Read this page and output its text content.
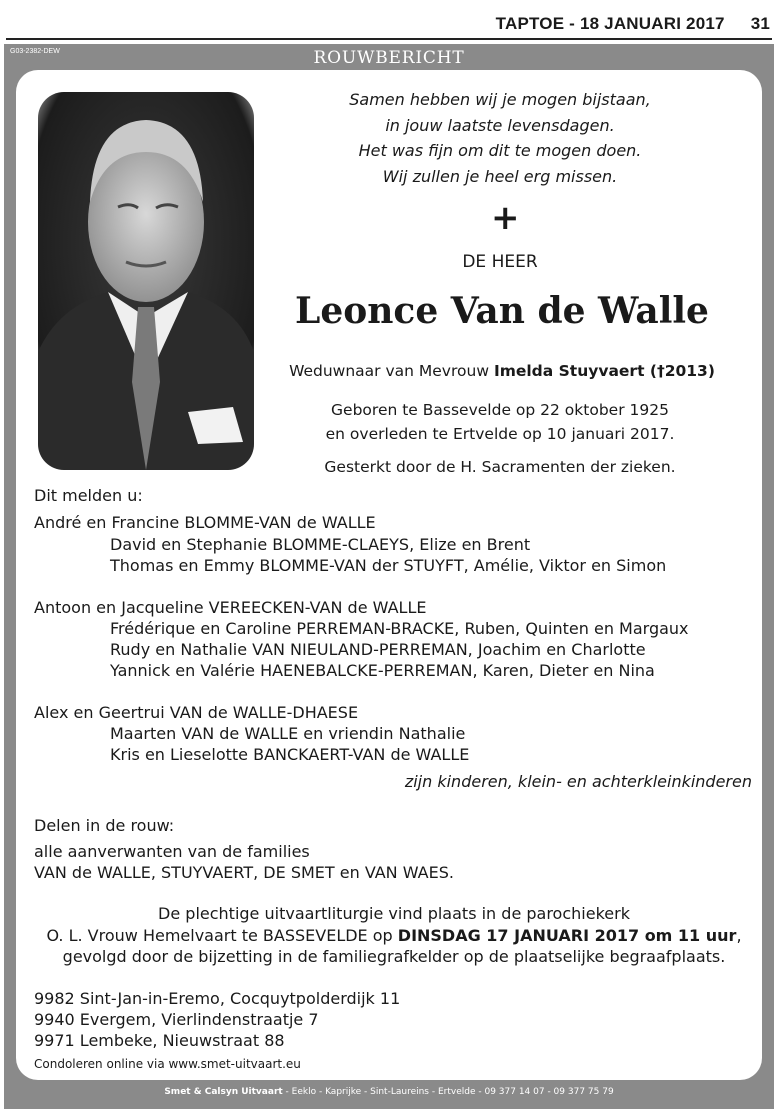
TAPTOE - 18 JANUARI 2017 31
G03-2382-DEW	ROUWBERICHT
Samen hebben wij je mogen bijstaan,
in jouw laatste levensdagen.
Het was fijn om dit te mogen doen.
Wij zullen je heel erg missen.
+
DE HEER
Leonce Van de Walle
Weduwnaar van Mevrouw Imelda Stuyvaert (†2013)
Geboren te Bassevelde op 22 oktober 1925
en overleden te Ertvelde op 10 januari 2017.
Gesterkt door de H. Sacramenten der zieken.
Dit melden u:
André en Francine BLOMME-VAN de WALLE
David en Stephanie BLOMME-CLAEYS, Elize en Brent
Thomas en Emmy BLOMME-VAN der STUYFT, Amélie, Viktor en Simon
Antoon en Jacqueline VEREECKEN-VAN de WALLE
Frédérique en Caroline PERREMAN-BRACKE, Ruben, Quinten en Margaux
Rudy en Nathalie VAN NIEULAND-PERREMAN, Joachim en Charlotte
Yannick en Valérie HAENEBALCKE-PERREMAN, Karen, Dieter en Nina
Alex en Geertrui VAN de WALLE-DHAESE
Maarten VAN de WALLE en vriendin Nathalie
Kris en Lieselotte BANCKAERT-VAN de WALLE
zijn kinderen, klein- en achterkleinkinderen
Delen in de rouw:
alle aanverwanten van de families
VAN de WALLE, STUYVAERT, DE SMET en VAN WAES.
De plechtige uitvaartliturgie vind plaats in de parochiekerk
O. L. Vrouw Hemelvaart te BASSEVELDE op DINSDAG 17 JANUARI 2017 om 11 uur,
gevolgd door de bijzetting in de familiegrafkelder op de plaatselijke begraafplaats.
9982 Sint-Jan-in-Eremo, Cocquytpolderdijk 11
9940 Evergem, Vierlindenstraatje 7
9971 Lembeke, Nieuwstraat 88
Condoleren online via www.smet-uitvaart.eu
Smet & Calsyn Uitvaart - Eeklo - Kaprijke - Sint-Laureins - Ertvelde - 09 377 14 07 - 09 377 75 79
